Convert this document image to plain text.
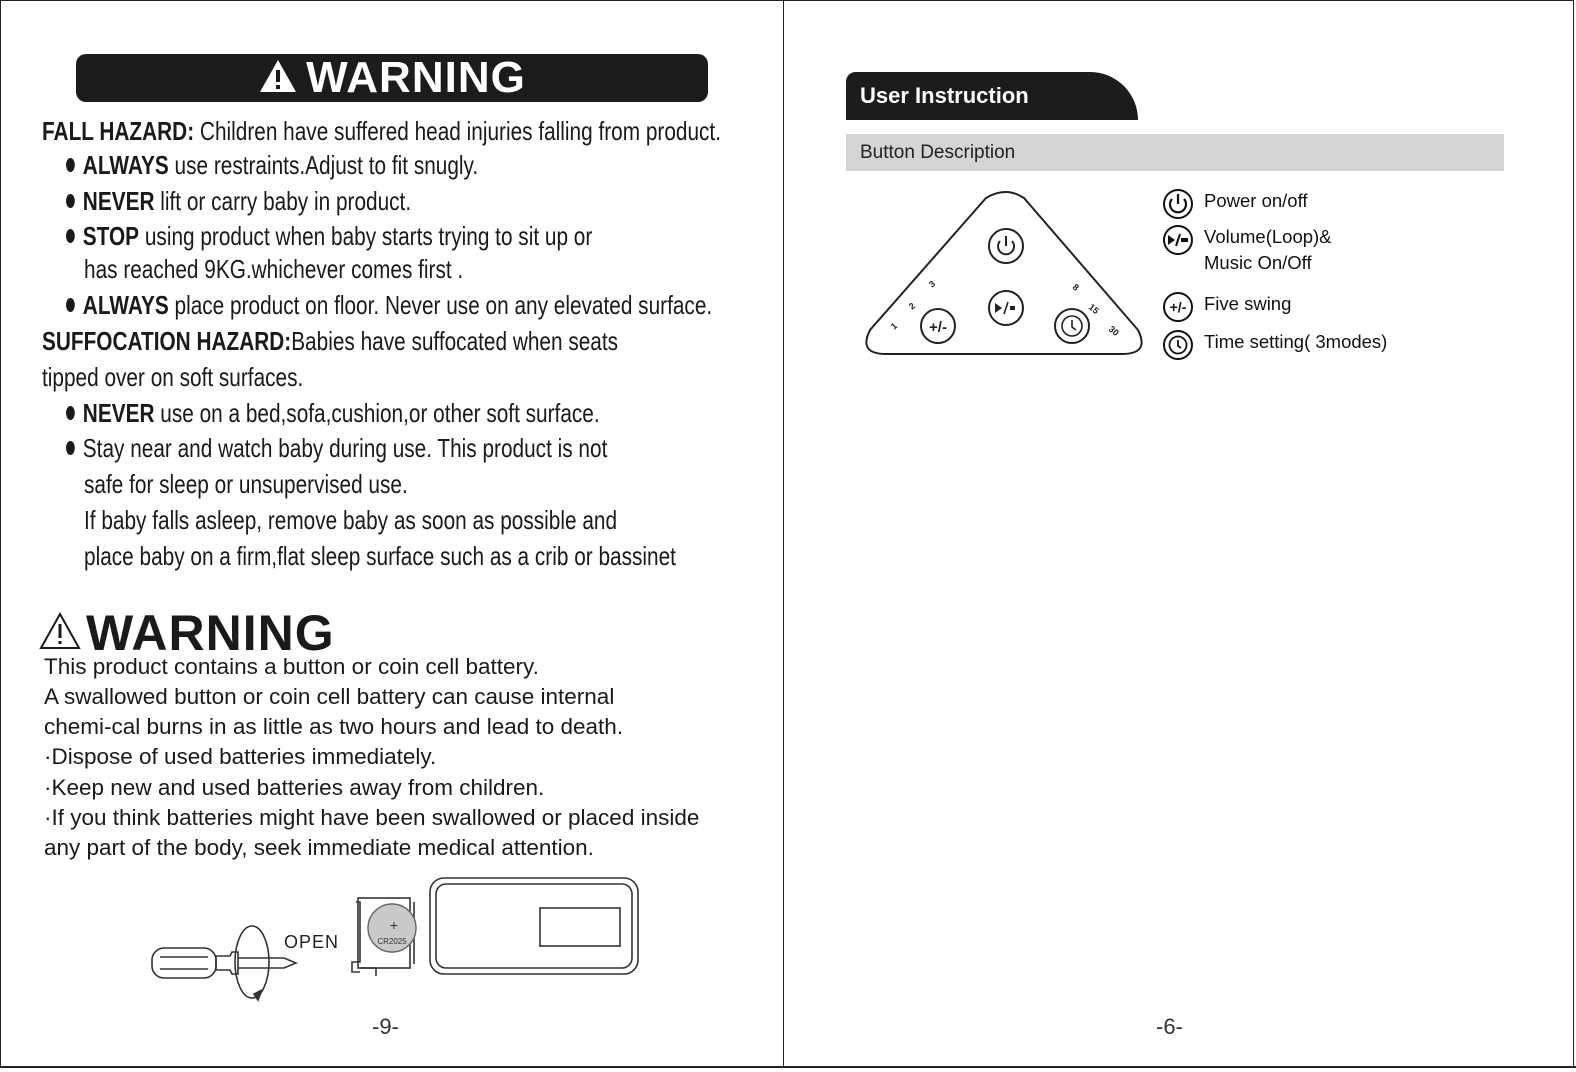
WARNING
FALL HAZARD: Children have suffered head injuries falling from product.
ALWAYS use restraints.Adjust to fit snugly.
NEVER lift or carry baby in product.
STOP using product when baby starts trying to sit up or
has reached 9KG.whichever comes first .
ALWAYS place product on floor. Never use on any elevated surface.
SUFFOCATION HAZARD:Babies have suffocated when seats
tipped over on soft surfaces.
NEVER use on a bed,sofa,cushion,or other soft surface.
Stay near and watch baby during use. This product is not
safe for sleep or unsupervised use.
If baby falls asleep, remove baby as soon as possible and
place baby on a firm,flat sleep surface such as a crib or bassinet
WARNING
This product contains a button or coin cell battery.
A swallowed button or coin cell battery can cause internal
chemi-cal burns in as little as two hours and lead to death.
·Dispose of used batteries immediately.
·Keep new and used batteries away from children.
·If you think batteries might have been swallowed or placed inside
any part of the body, seek immediate medical attention.
OPEN
+
CR2025
-9-
User Instruction
Button Description
+/-
1
2
3	8
15
30
Power on/off
Volume(Loop)&
Music On/Off
+/- Five swing
Time setting( 3modes)
-6-
